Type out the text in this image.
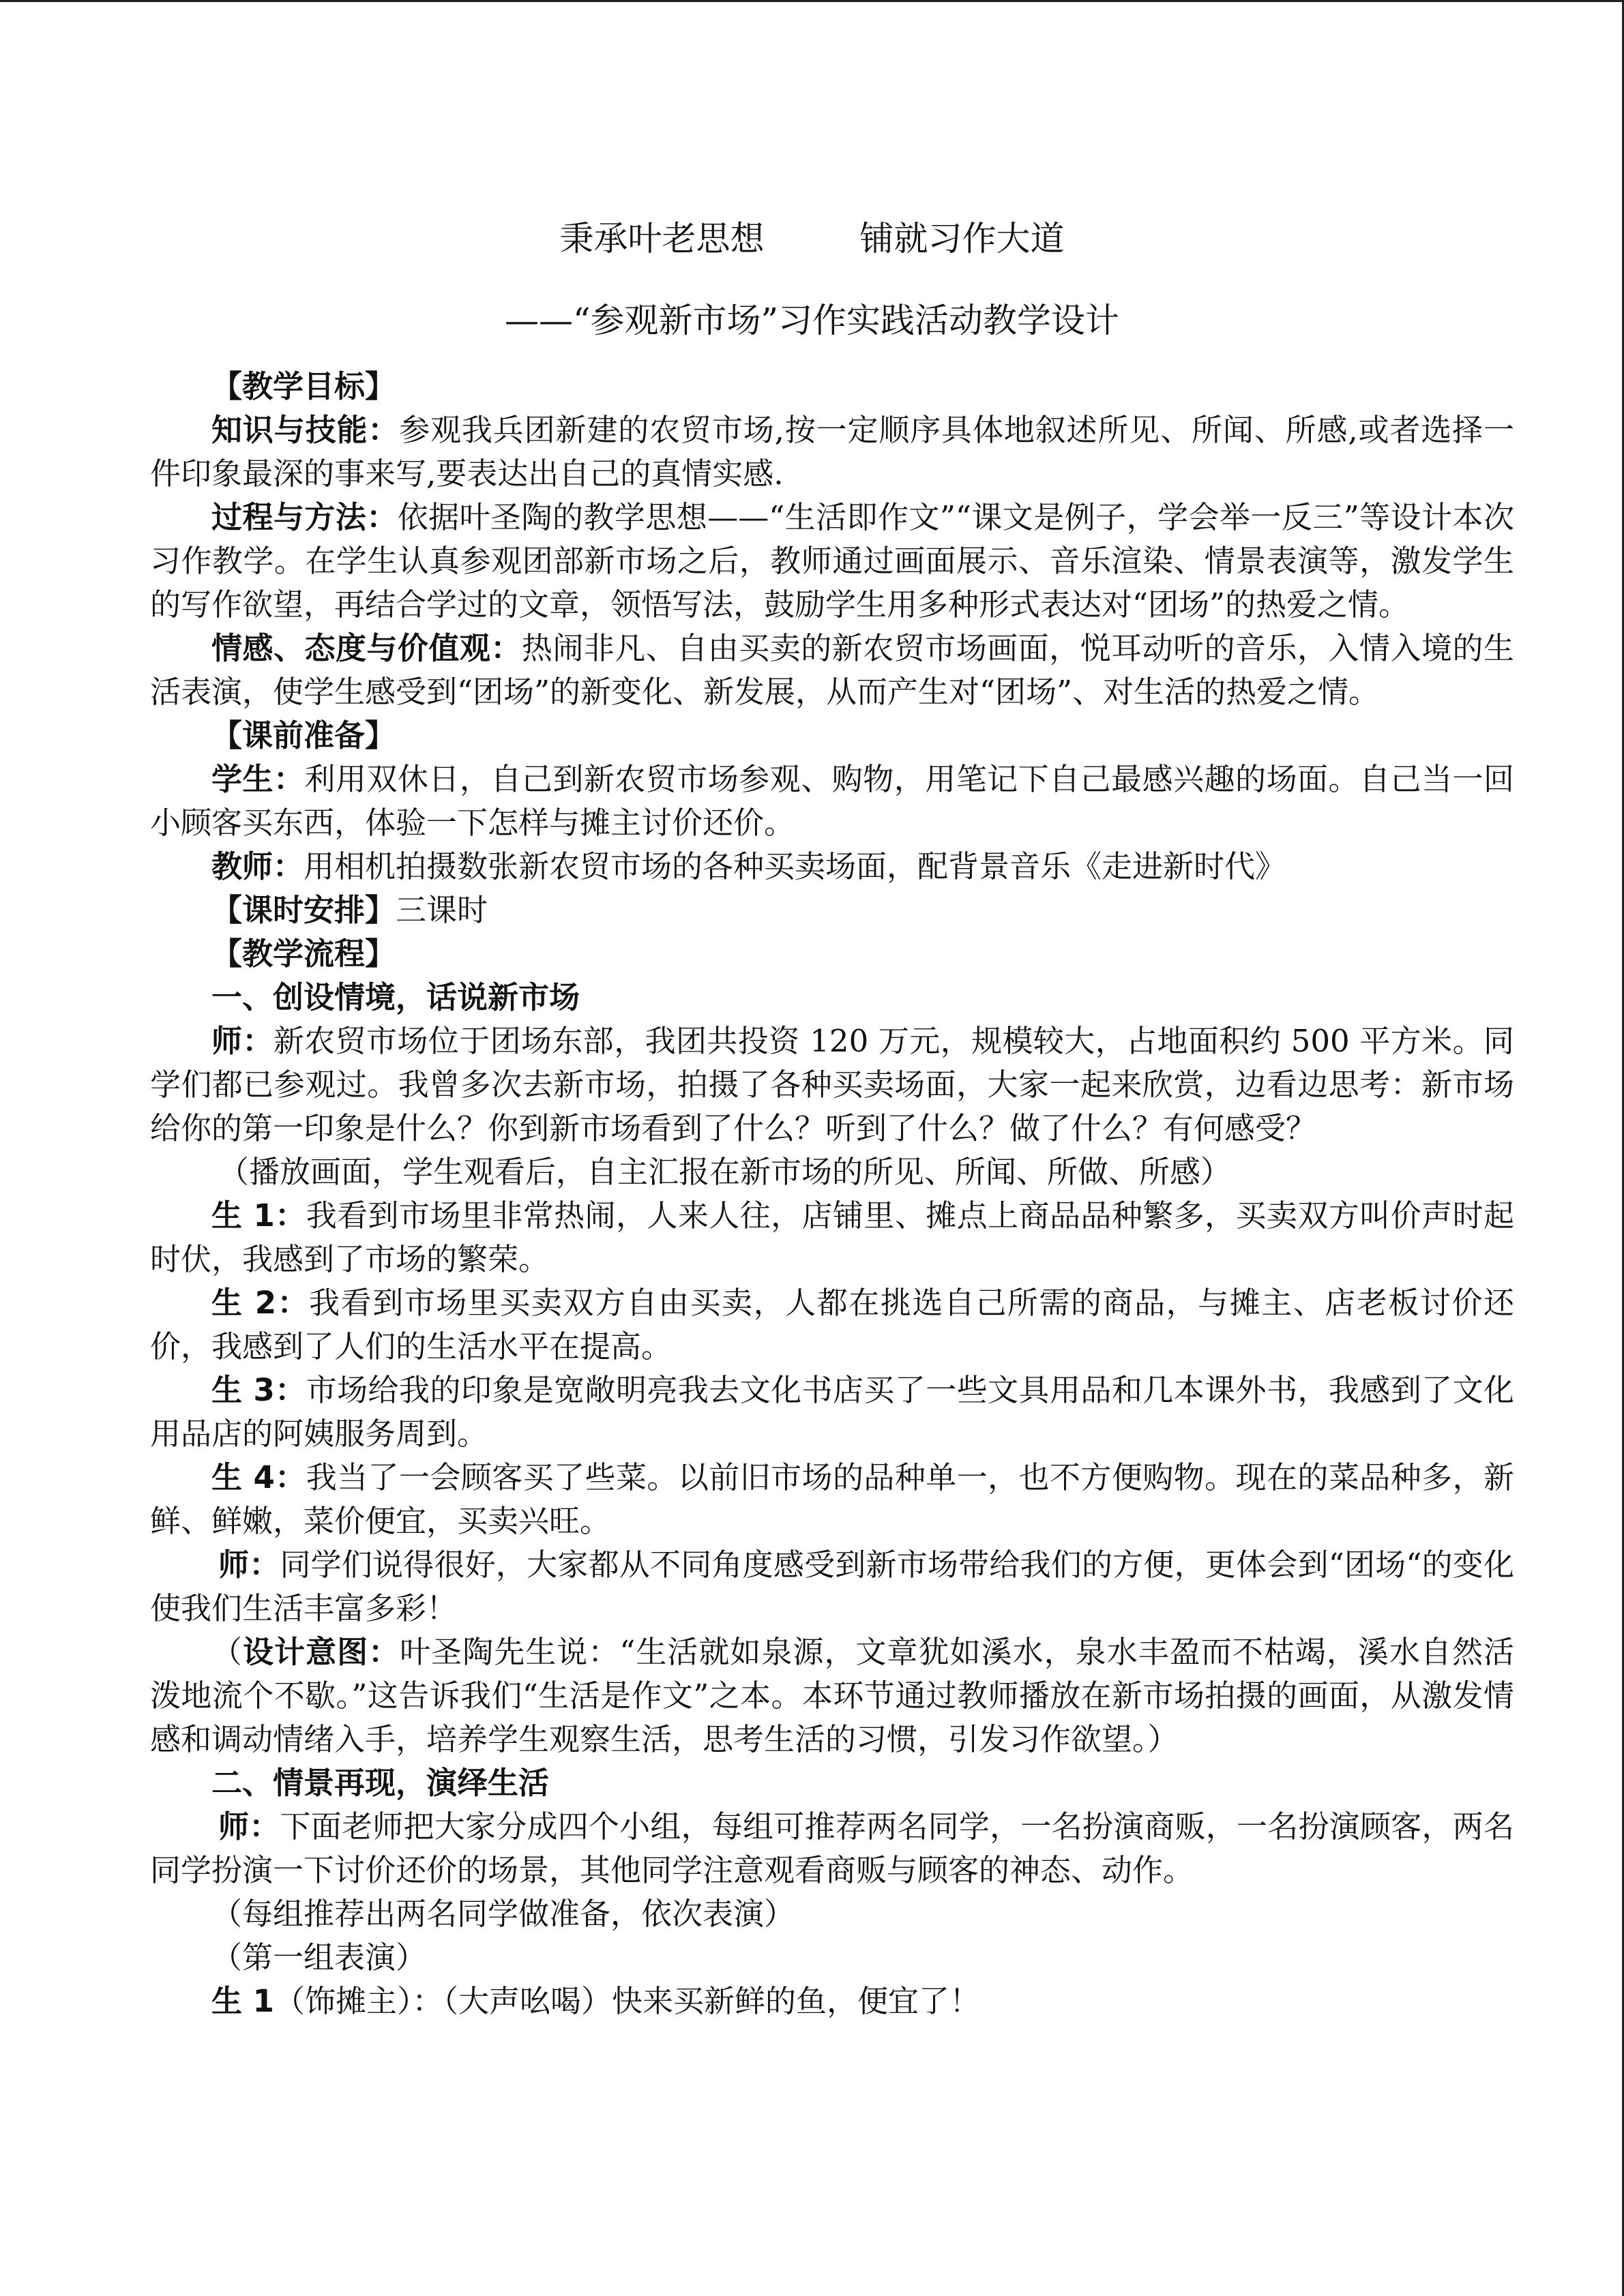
秉承叶老思想	铺就习作大道
——“参观新市场”习作实践活动教学设计

【教学目标】

知识与技能：参观我兵团新建的农贸市场,按一定顺序具体地叙述所见、所闻、所感,或者选择一件印象最深的事来写,要表达出自己的真情实感.

过程与方法：依据叶圣陶的教学思想——“生活即作文”“课文是例子，学会举一反三”等设计本次习作教学。在学生认真参观团部新市场之后，教师通过画面展示、音乐渲染、情景表演等，激发学生的写作欲望，再结合学过的文章，领悟写法，鼓励学生用多种形式表达对“团场”的热爱之情。

情感、态度与价值观：热闹非凡、自由买卖的新农贸市场画面，悦耳动听的音乐，入情入境的生活表演，使学生感受到“团场”的新变化、新发展，从而产生对“团场”、对生活的热爱之情。

【课前准备】

学生：利用双休日，自己到新农贸市场参观、购物，用笔记下自己最感兴趣的场面。自己当一回小顾客买东西，体验一下怎样与摊主讨价还价。

教师：用相机拍摄数张新农贸市场的各种买卖场面，配背景音乐《走进新时代》

【课时安排】三课时

【教学流程】

一、创设情境，话说新市场

师：新农贸市场位于团场东部，我团共投资 120 万元，规模较大，占地面积约 500 平方米。同学们都已参观过。我曾多次去新市场，拍摄了各种买卖场面，大家一起来欣赏，边看边思考：新市场给你的第一印象是什么？你到新市场看到了什么？听到了什么？做了什么？有何感受？

（播放画面，学生观看后，自主汇报在新市场的所见、所闻、所做、所感）

生 1：我看到市场里非常热闹，人来人往，店铺里、摊点上商品品种繁多，买卖双方叫价声时起时伏，我感到了市场的繁荣。

生 2：我看到市场里买卖双方自由买卖，人都在挑选自己所需的商品，与摊主、店老板讨价还价，我感到了人们的生活水平在提高。

生 3：市场给我的印象是宽敞明亮我去文化书店买了一些文具用品和几本课外书，我感到了文化用品店的阿姨服务周到。

生 4：我当了一会顾客买了些菜。以前旧市场的品种单一，也不方便购物。现在的菜品种多，新鲜、鲜嫩，菜价便宜，买卖兴旺。

师：同学们说得很好，大家都从不同角度感受到新市场带给我们的方便，更体会到“团场“的变化使我们生活丰富多彩！

（设计意图：叶圣陶先生说：“生活就如泉源，文章犹如溪水，泉水丰盈而不枯竭，溪水自然活泼地流个不歇。”这告诉我们“生活是作文”之本。本环节通过教师播放在新市场拍摄的画面，从激发情感和调动情绪入手，培养学生观察生活，思考生活的习惯，引发习作欲望。）

二、情景再现，演绎生活

师：下面老师把大家分成四个小组，每组可推荐两名同学，一名扮演商贩，一名扮演顾客，两名同学扮演一下讨价还价的场景，其他同学注意观看商贩与顾客的神态、动作。

（每组推荐出两名同学做准备，依次表演）

（第一组表演）

生 1（饰摊主）：（大声吆喝）快来买新鲜的鱼，便宜了！
